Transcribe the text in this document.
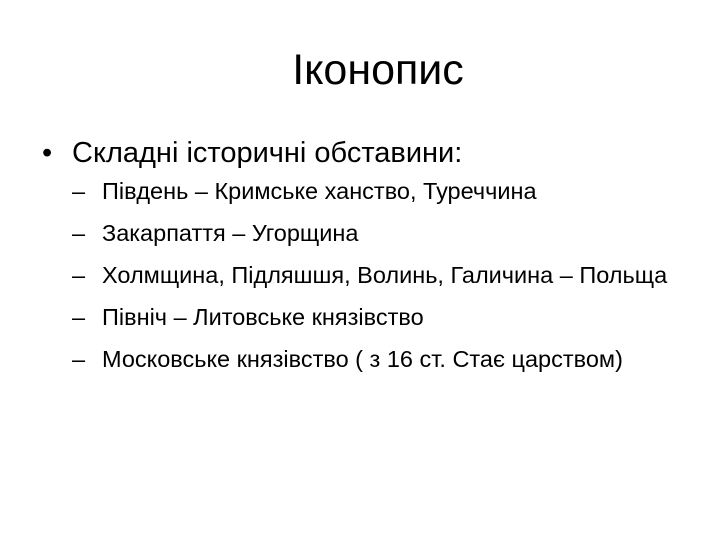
Іконопис
• Складні історичні обставини:
– Південь – Кримське ханство, Туреччина
– Закарпаття – Угорщина
– Холмщина, Підляшшя, Волинь, Галичина – Польща
– Північ – Литовське князівство
– Московське князівство ( з 16 ст. Стає царством)
